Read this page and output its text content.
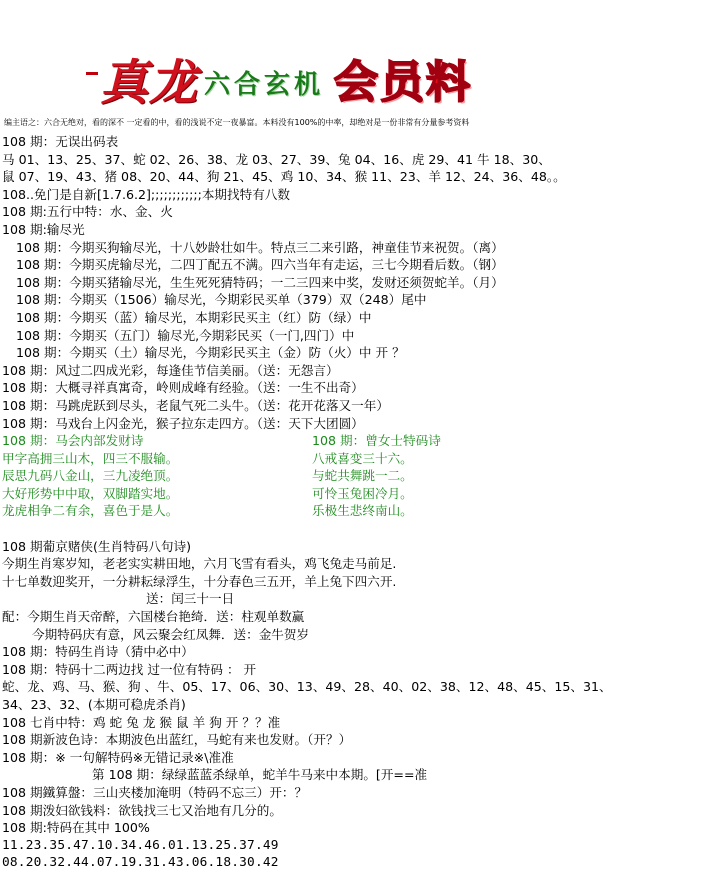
真龙 六合玄机 会员料
编主语之：六合无绝对，看的深不 一定看的中，看的浅说不定一夜暴富。本料没有100%的中率，却绝对是一份非常有分量参考资料
108 期：无误出码表
马 01、13、25、37、蛇 02、26、38、龙 03、27、39、兔 04、16、虎 29、41 牛 18、30、
鼠 07、19、43、猪 08、20、44、狗 21、45、鸡 10、34、猴 11、23、羊 12、24、36、48。。
108..免门是自新[1.7.6.2];;;;;;;;;;;;本期找特有八数
108 期:五行中特：水、金、火
108 期:输尽光
108 期：今期买狗输尽光，十八妙龄壮如牛。特点三二来引路，神童佳节来祝贺。（离）
108 期：今期买虎输尽光，二四丁配五不满。四六当年有走运，三七今期看后数。（钢）
108 期：今期买猪输尽光，生生死死猜特码；一二三四来中奖，发财还须贺蛇羊。（月）
108 期：今期买（1506）输尽光，今期彩民买单（379）双（248）尾中
108 期：今期买（蓝）输尽光，本期彩民买主（红）防（绿）中
108 期：今期买（五门）输尽光,今期彩民买（一门,四门）中
108 期：今期买（土）输尽光，今期彩民买主（金）防（火）中 开 ？
108 期：风过二四成光彩，每逢佳节信美丽。（送：无怨言）
108 期：大概寻祥真寓奇，岭则成峰有经验。（送：一生不出奇）
108 期：马跳虎跃到尽头，老鼠气死二头牛。（送：花开花落又一年）
108 期：马戏台上闪金光，猴子拉东走四方。（送：天下大团圆）
108 期：马会内部发财诗	108 期：曾女士特码诗
甲字高拥三山木，四三不服输。	八戒喜变三十六。
辰思九码八金山，三九凌绝顶。	与蛇共舞跳一二。
大好形势中中取，双脚踏实地。	可怜玉兔困冷月。
龙虎相争二有余，喜色于是人。	乐极生悲终南山。
108 期葡京赌侠(生肖特码八句诗)
今期生肖寒岁知，老老实实耕田地，六月飞雪有看头，鸡飞兔走马前足.
十七单数迎奖开，一分耕耘绿浮生，十分春色三五开，羊上兔下四六开.
送：闰三十一日
配：今期生肖天帝醉，六国楼台艳绮．送：柱观单数赢
今期特码庆有意，风云聚会红凤舞．送：金牛贺岁
108 期：特码生肖诗（猜中必中）
108 期：特码十二两边找 过一位有特码 ： 开
蛇、龙、鸡、马、猴、狗 、牛、05、17、06、30、13、49、28、40、02、38、12、48、45、15、31、
34、23、32、(本期可稳虎杀肖)
108 七肖中特：鸡 蛇 兔 龙 猴 鼠 羊 狗 开 ？？准
108 期新波色诗：本期波色出蓝红，马蛇有来也发财。（开？）
108 期：※ 一句解特码※无错记录※\准准
第 108 期：绿绿蓝蓝杀绿单，蛇羊牛马来中本期。[开==准
108 期鐵算盤：三山夹楼加淹明（特码不忘三）开：？
108 期泼妇欲钱料：欲钱找三七又治地有几分的。
108 期:特码在其中 100%
11.23.35.47.10.34.46.01.13.25.37.49
08.20.32.44.07.19.31.43.06.18.30.42
